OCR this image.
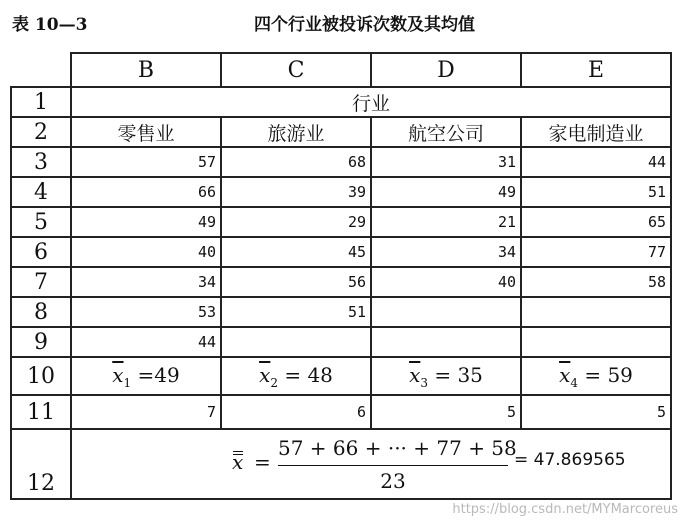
表 10—3	四个行业被投诉次数及其均值
	B	C	D	E
1	行业			
2	零售业	旅游业	航空公司	家电制造业
3	57	68	31	44
4	66	39	49	51
5	49	29	21	65
6	40	45	34	77
7	34	56	40	58
8	53	51		
9	44			
10	$\overline{x}_1 =49$	$\overline{x}_2 = 48$	$\overline{x}_3 = 35$	$\overline{x}_4 = 59$
11	7	6	5	5
12	x =
57 + 66 + ··· + 77 + 58
23
= 47.869565			
https://blog.csdn.net/MYMarcoreus
